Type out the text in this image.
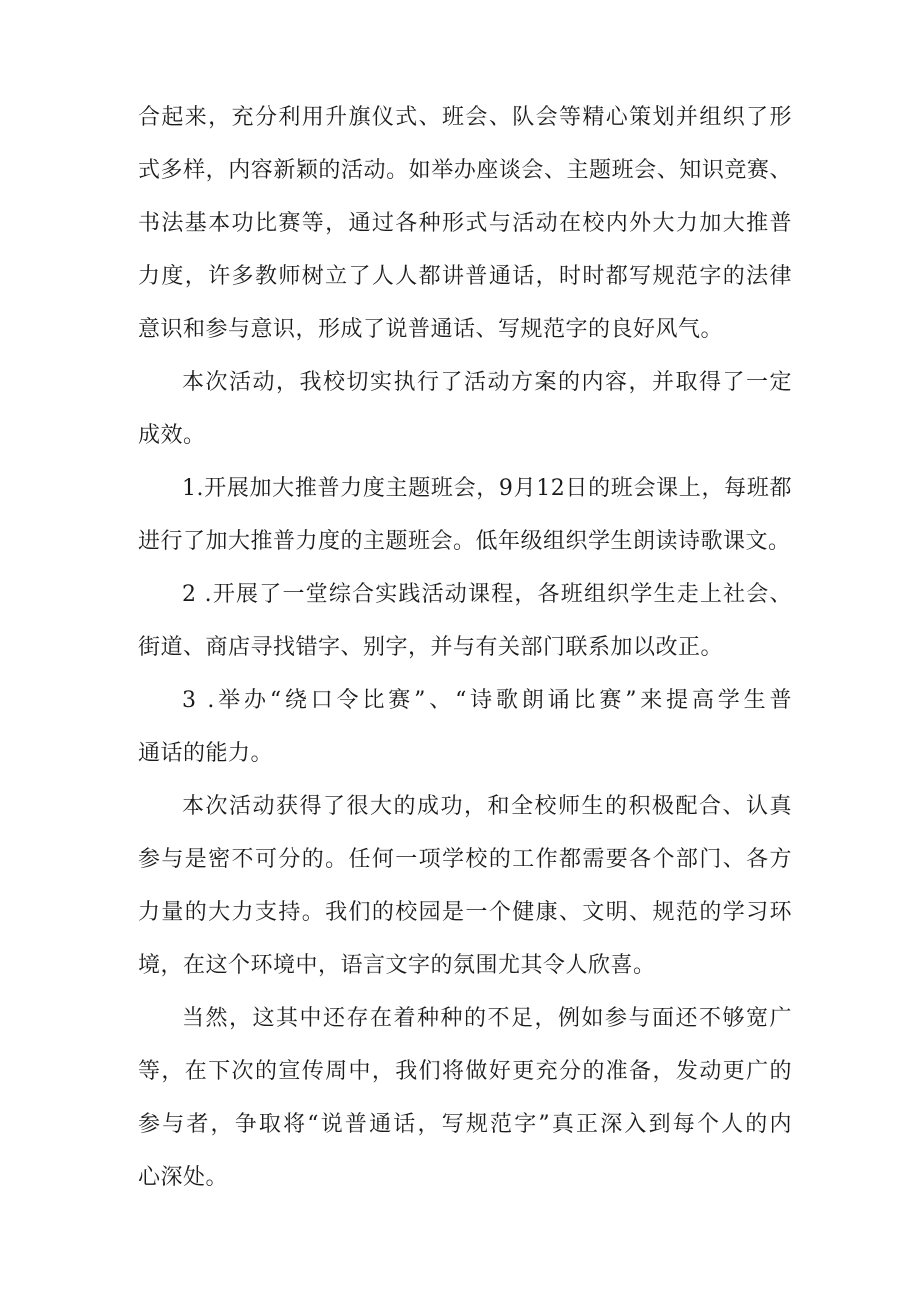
合起来，充分利用升旗仪式、班会、队会等精心策划并组织了形
式多样，内容新颖的活动。如举办座谈会、主题班会、知识竞赛、
书法基本功比赛等，通过各种形式与活动在校内外大力加大推普
力度，许多教师树立了人人都讲普通话，时时都写规范字的法律
意识和参与意识，形成了说普通话、写规范字的良好风气。
本次活动，我校切实执行了活动方案的内容，并取得了一定
成效。
1.开展加大推普力度主题班会，9月12日的班会课上，每班都
进行了加大推普力度的主题班会。低年级组织学生朗读诗歌课文。
2 .开展了一堂综合实践活动课程，各班组织学生走上社会、
街道、商店寻找错字、别字，并与有关部门联系加以改正。
3 .举办“绕口令比赛”、“诗歌朗诵比赛”来提高学生普
通话的能力。
本次活动获得了很大的成功，和全校师生的积极配合、认真
参与是密不可分的。任何一项学校的工作都需要各个部门、各方
力量的大力支持。我们的校园是一个健康、文明、规范的学习环
境，在这个环境中，语言文字的氛围尤其令人欣喜。
当然，这其中还存在着种种的不足，例如参与面还不够宽广
等，在下次的宣传周中，我们将做好更充分的准备，发动更广的
参与者，争取将“说普通话，写规范字”真正深入到每个人的内
心深处。
